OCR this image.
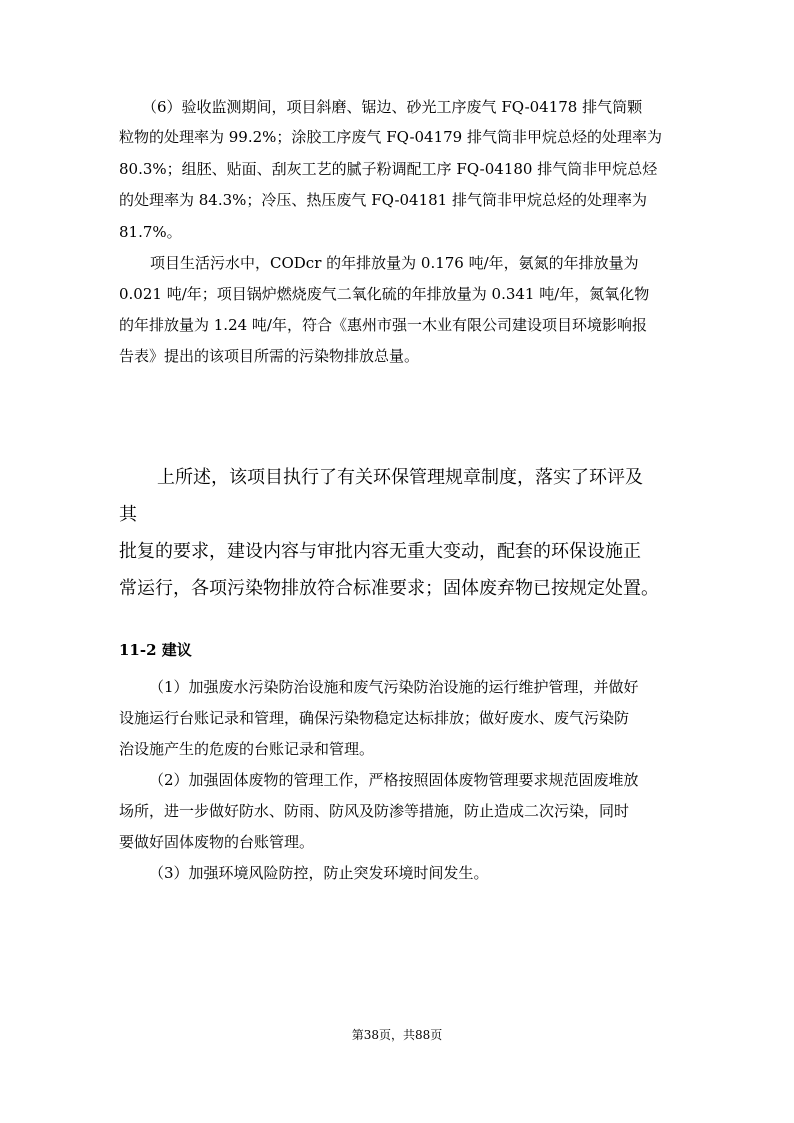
（6）验收监测期间，项目斜磨、锯边、砂光工序废气 FQ-04178 排气筒颗
粒物的处理率为 99.2%；涂胶工序废气 FQ-04179 排气筒非甲烷总烃的处理率为
80.3%；组胚、贴面、刮灰工艺的腻子粉调配工序 FQ-04180 排气筒非甲烷总烃
的处理率为 84.3%；冷压、热压废气 FQ-04181 排气筒非甲烷总烃的处理率为
81.7%。
项目生活污水中，CODcr 的年排放量为 0.176 吨/年，氨氮的年排放量为
0.021 吨/年；项目锅炉燃烧废气二氧化硫的年排放量为 0.341 吨/年，氮氧化物
的年排放量为 1.24 吨/年，符合《惠州市强一木业有限公司建设项目环境影响报
告表》提出的该项目所需的污染物排放总量。
上所述，该项目执行了有关环保管理规章制度，落实了环评及
其
批复的要求，建设内容与审批内容无重大变动，配套的环保设施正
常运行，各项污染物排放符合标准要求；固体废弃物已按规定处置。
11-2 建议
（1）加强废水污染防治设施和废气污染防治设施的运行维护管理，并做好
设施运行台账记录和管理，确保污染物稳定达标排放；做好废水、废气污染防
治设施产生的危废的台账记录和管理。
（2）加强固体废物的管理工作，严格按照固体废物管理要求规范固废堆放
场所，进一步做好防水、防雨、防风及防渗等措施，防止造成二次污染，同时
要做好固体废物的台账管理。
（3）加强环境风险防控，防止突发环境时间发生。
第38页，共88页
